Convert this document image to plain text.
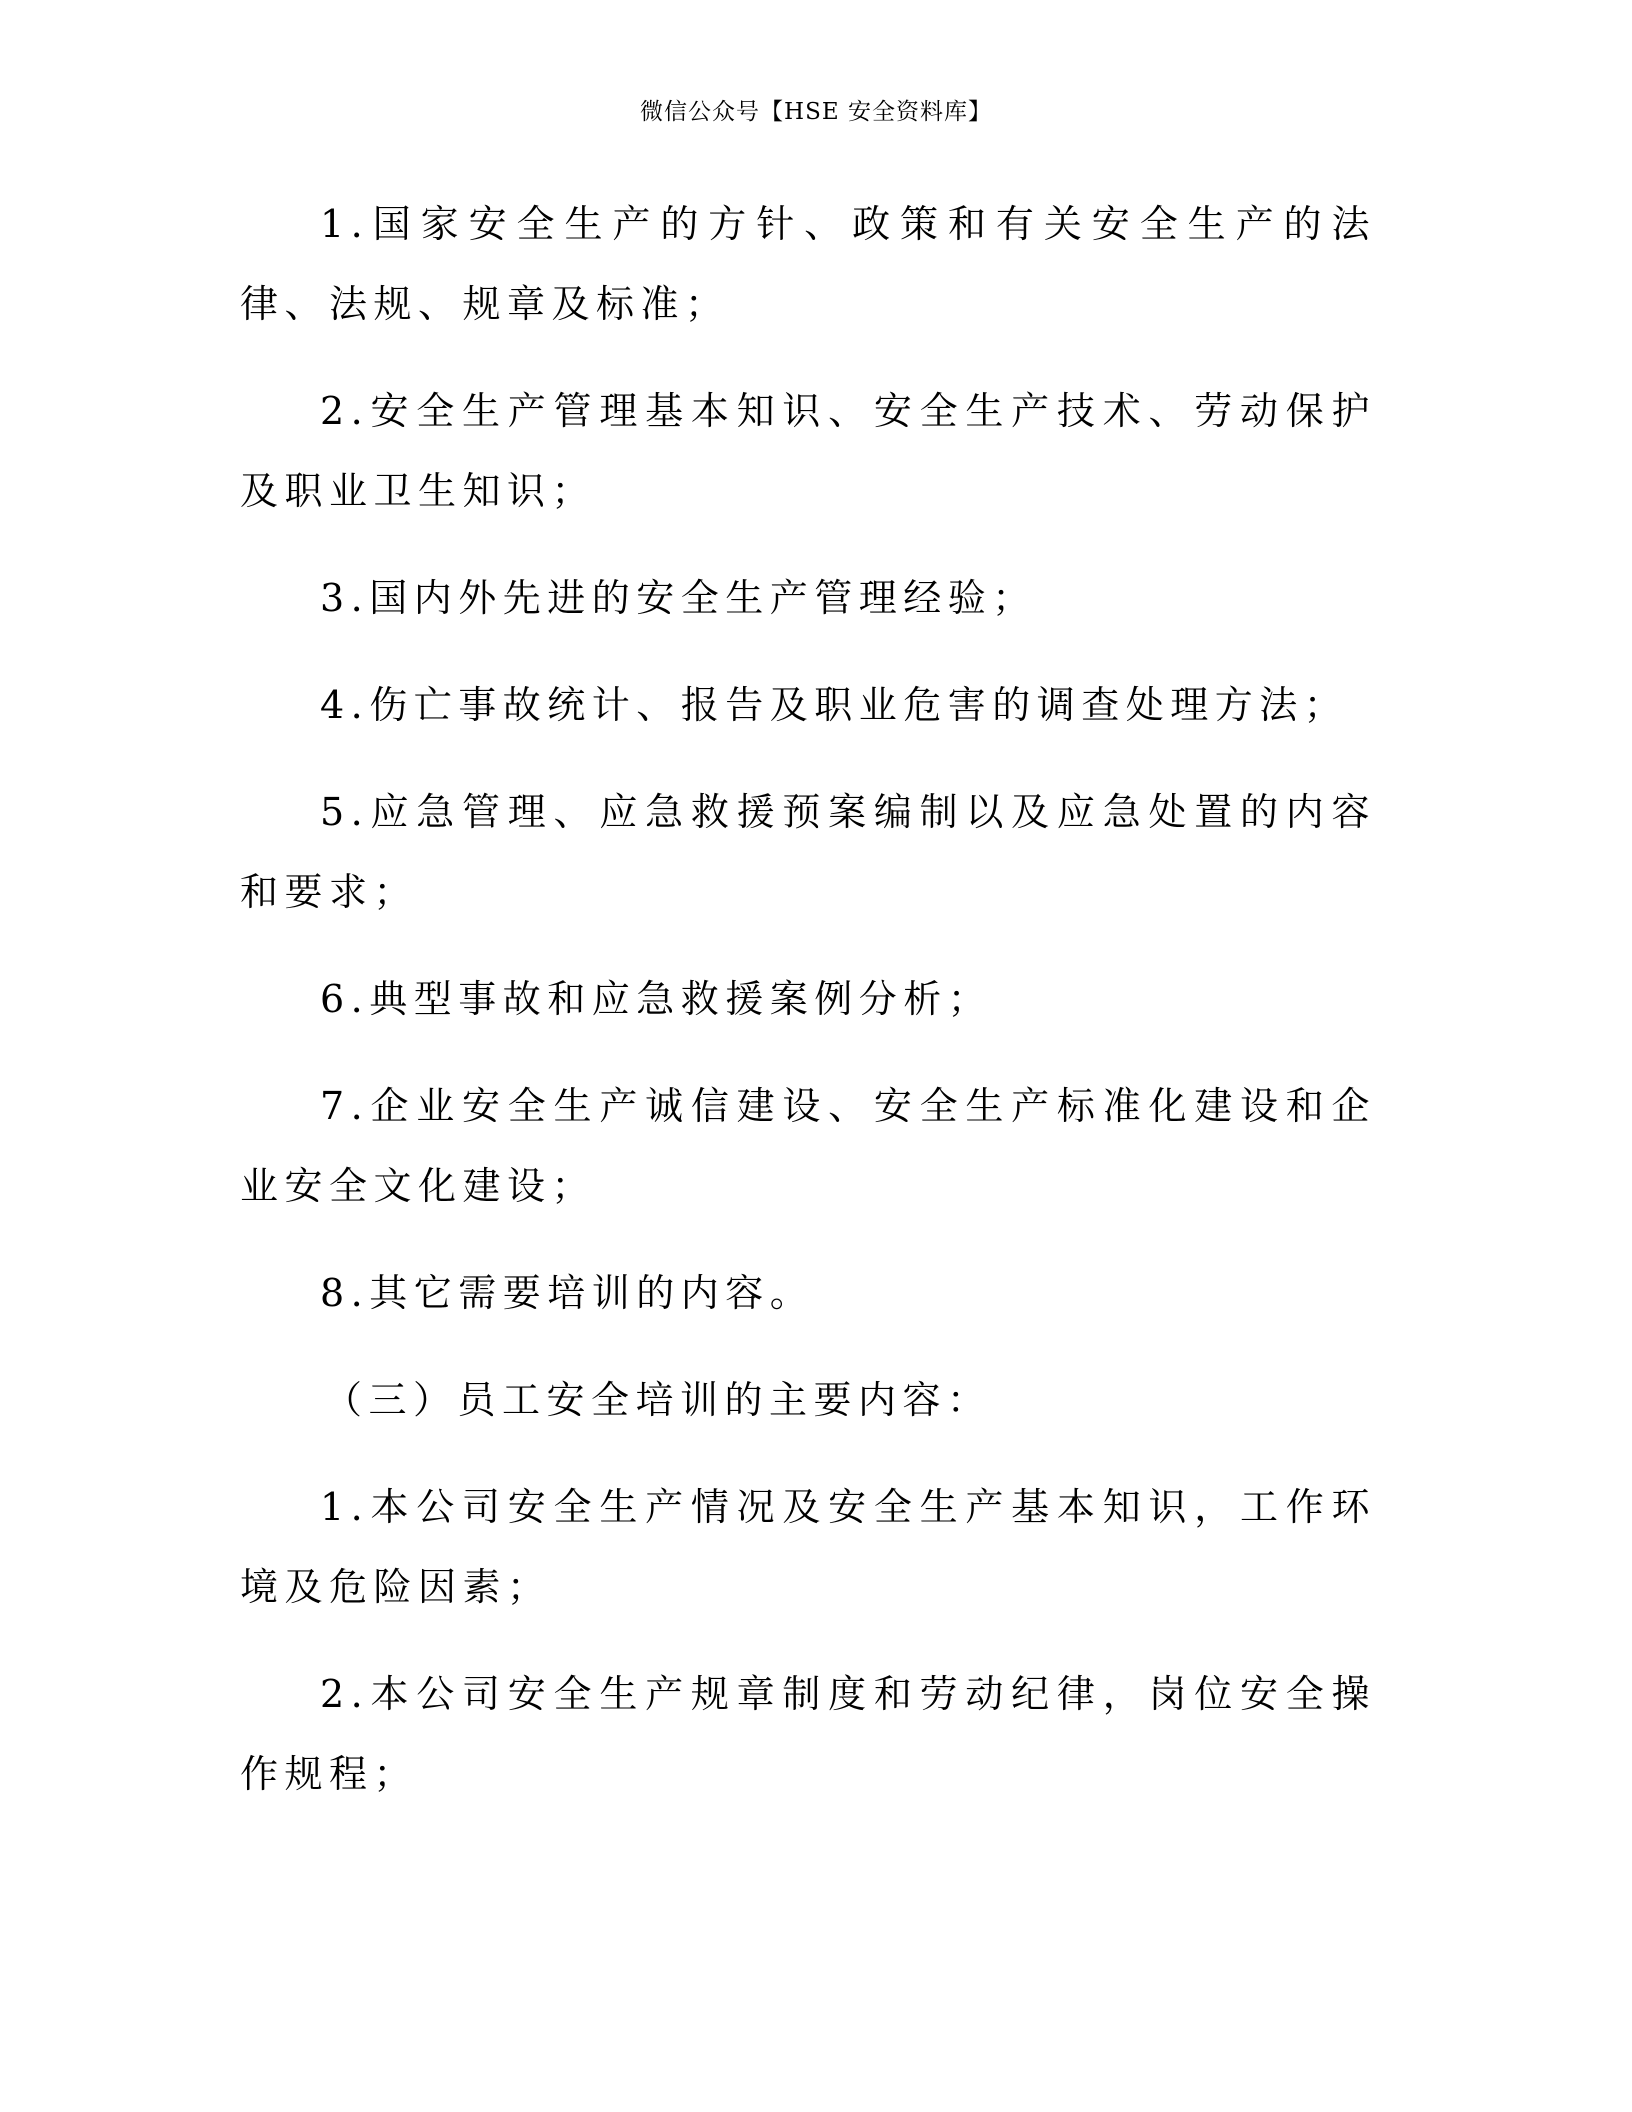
微信公众号【HSE 安全资料库】

1.国家安全生产的方针、政策和有关安全生产的法律、法规、规章及标准；

2.安全生产管理基本知识、安全生产技术、劳动保护及职业卫生知识；

3.国内外先进的安全生产管理经验；

4.伤亡事故统计、报告及职业危害的调查处理方法；

5.应急管理、应急救援预案编制以及应急处置的内容和要求；

6.典型事故和应急救援案例分析；

7.企业安全生产诚信建设、安全生产标准化建设和企业安全文化建设；

8.其它需要培训的内容。

（三）员工安全培训的主要内容：

1.本公司安全生产情况及安全生产基本知识，工作环境及危险因素；

2.本公司安全生产规章制度和劳动纪律，岗位安全操作规程；
